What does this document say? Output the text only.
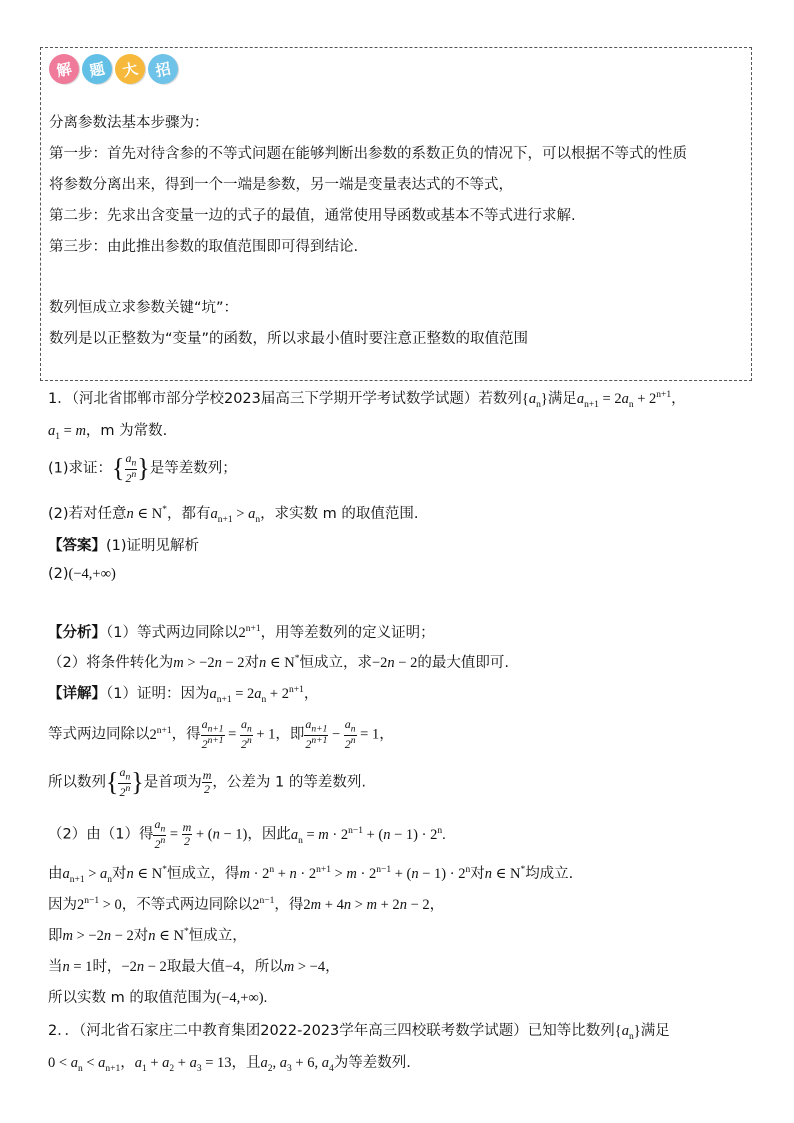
解 题 大 招
分离参数法基本步骤为：
第一步：首先对待含参的不等式问题在能够判断出参数的系数正负的情况下，可以根据不等式的性质
将参数分离出来，得到一个一端是参数，另一端是变量表达式的不等式，
第二步：先求出含变量一边的式子的最值，通常使用导函数或基本不等式进行求解.
第三步：由此推出参数的取值范围即可得到结论.
数列恒成立求参数关键“坑”：
数列是以正整数为“变量”的函数，所以求最小值时要注意正整数的取值范围
1．（河北省邯郸市部分学校2023届高三下学期开学考试数学试题）若数列$\{a_n\}$满足$a_{n+1} = 2a_n + 2^{n+1}$，
$a_1 = m$，m 为常数.
(1)求证：{ $\frac{a_n}{2^n}$ }是等差数列；
(2)若对任意n ∈ N*，都有$a_{n+1} > a_n$，求实数 m 的取值范围.
【答案】(1)证明见解析
(2)(−4,+∞)
【分析】（1）等式两边同除以$2^{n+1}$，用等差数列的定义证明；
（2）将条件转化为m > −2n − 2对n ∈ N*恒成立，求−2n − 2的最大值即可.
【详解】（1）证明：因为$a_{n+1} = 2a_n + 2^{n+1}$，
等式两边同除以$2^{n+1}$，得 $\frac{a_{n+1}}{2^{n+1}} = \frac{a_n}{2^n} + 1$，即 $\frac{a_{n+1}}{2^{n+1}} - \frac{a_n}{2^n} = 1$，
所以数列{ $\frac{a_n}{2^n}$ }是首项为 $\frac{m}{2}$ ，公差为 1 的等差数列.
（2）由（1）得 $\frac{a_n}{2^n} = \frac{m}{2} + (n - 1)$，因此$a_n = m \cdot 2^{n-1} + (n - 1) \cdot 2^n$.
由$a_{n+1} > a_n$对n ∈ N*恒成立，得$m \cdot 2^n + n \cdot 2^{n+1} > m \cdot 2^{n-1} + (n - 1) \cdot 2^n$对n ∈ N*均成立.
因为$2^{n-1} > 0$，不等式两边同除以$2^{n-1}$，得2m + 4n > m + 2n − 2，
即m > −2n − 2对n ∈ N*恒成立，
当n = 1时，−2n − 2取最大值−4，所以m > −4，
所以实数 m 的取值范围为(−4,+∞).
2．．（河北省石家庄二中教育集团2022-2023学年高三四校联考数学试题）已知等比数列$\{a_n\}$满足
$0 < a_n < a_{n+1}$，$a_1 + a_2 + a_3 = 13$，且$a_2$, $a_3 + 6$, $a_4$为等差数列.
